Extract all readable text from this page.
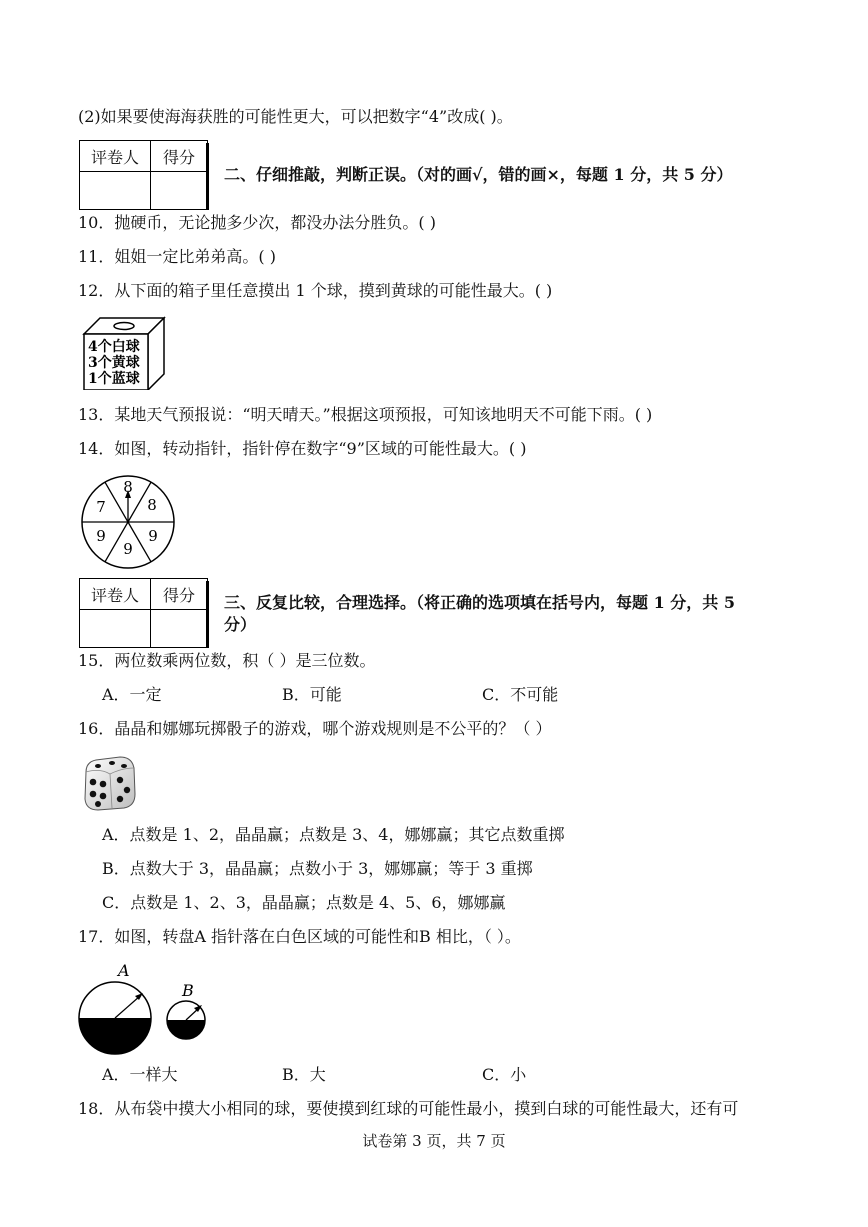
(2)如果要使海海获胜的可能性更大，可以把数字“4”改成( )。
评卷人	得分

二、仔细推敲，判断正误。（对的画√，错的画×，每题 1 分，共 5 分）
10．抛硬币，无论抛多少次，都没办法分胜负。( )
11．姐姐一定比弟弟高。( )
12．从下面的箱子里任意摸出 1 个球，摸到黄球的可能性最大。( )
4个白球
3个黄球
1个蓝球
13．某地天气预报说：“明天晴天。”根据这项预报，可知该地明天不可能下雨。( )
14．如图，转动指针，指针停在数字“9”区域的可能性最大。( )
8
8
9
9
9
7
评卷人	得分
	三、反复比较，合理选择。（将正确的选项填在括号内，每题 1 分，共 5
分）
15．两位数乘两位数，积（ ）是三位数。
A．一定	B．可能	C．不可能
16．晶晶和娜娜玩掷骰子的游戏，哪个游戏规则是不公平的？（ ）
A．点数是 1、2，晶晶赢；点数是 3、4，娜娜赢；其它点数重掷
B．点数大于 3，晶晶赢；点数小于 3，娜娜赢；等于 3 重掷
C．点数是 1、2、3，晶晶赢；点数是 4、5、6，娜娜赢
17．如图，转盘A 指针落在白色区域的可能性和B 相比，（ ）。
A
B
A．一样大	B．大	C．小
18．从布袋中摸大小相同的球，要使摸到红球的可能性最小，摸到白球的可能性最大，还有可
试卷第 3 页，共 7 页
